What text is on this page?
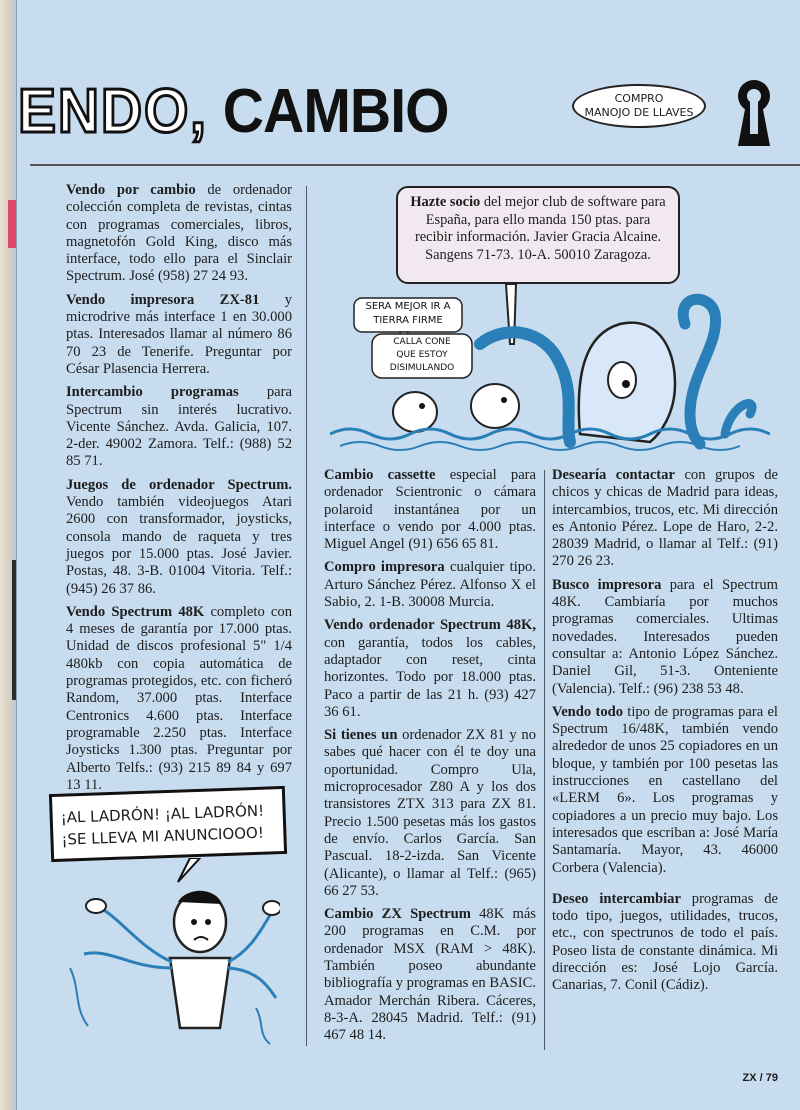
ENDO, CAMBIO	COMPRO
MANOJO DE LLAVES

Vendo por cambio de ordenador colección completa de revistas, cintas con programas comerciales, libros, magnetofón Gold King, disco más interface, todo ello para el Sinclair Spectrum. José (958) 27 24 93.

Vendo impresora ZX-81 y microdrive más interface 1 en 30.000 ptas. Interesados llamar al número 86 70 23 de Tenerife. Preguntar por César Plasencia Herrera.

Intercambio programas para Spectrum sin interés lucrativo. Vicente Sánchez. Avda. Galicia, 107. 2-der. 49002 Zamora. Telf.: (988) 52 85 71.

Juegos de ordenador Spectrum. Vendo también videojuegos Atari 2600 con transformador, joysticks, consola mando de raqueta y tres juegos por 15.000 ptas. José Javier. Postas, 48. 3-B. 01004 Vitoria. Telf.: (945) 26 37 86.

Vendo Spectrum 48K completo con 4 meses de garantía por 17.000 ptas. Unidad de discos profesional 5" 1/4 480kb con copia automática de programas protegidos, etc. con ficheró Random, 37.000 ptas. Interface Centronics 4.600 ptas. Interface programable 2.250 ptas. Interface Joysticks 1.300 ptas. Preguntar por Alberto Telfs.: (93) 215 89 84 y 697 13 11.

Hazte socio del mejor club de software para España, para ello manda 150 ptas. para recibir información. Javier Gracia Alcaine. Sangens 71-73. 10-A. 50010 Zaragoza.
SERA MEJOR IR A
TIERRA FIRME
CALLA CONE
QUE ESTOY
DISIMULANDO

Cambio cassette especial para ordenador Scientronic o cámara polaroid instantánea por un interface o vendo por 4.000 ptas. Miguel Angel (91) 656 65 81.

Compro impresora cualquier tipo. Arturo Sánchez Pérez. Alfonso X el Sabio, 2. 1-B. 30008 Murcia.

Vendo ordenador Spectrum 48K, con garantía, todos los cables, adaptador con reset, cinta horizontes. Todo por 18.000 ptas. Paco a partir de las 21 h. (93) 427 36 61.

Si tienes un ordenador ZX 81 y no sabes qué hacer con él te doy una oportunidad. Compro Ula, microprocesador Z80 A y los dos transistores ZTX 313 para ZX 81. Precio 1.500 pesetas más los gastos de envío. Carlos García. San Pascual. 18-2-izda. San Vicente (Alicante), o llamar al Telf.: (965) 66 27 53.

Cambio ZX Spectrum 48K más 200 programas en C.M. por ordenador MSX (RAM > 48K). También poseo abundante bibliografía y programas en BASIC. Amador Merchán Ribera. Cáceres, 8-3-A. 28045 Madrid. Telf.: (91) 467 48 14.

Desearía contactar con grupos de chicos y chicas de Madrid para ideas, intercambios, trucos, etc. Mi dirección es Antonio Pérez. Lope de Haro, 2-2. 28039 Madrid, o llamar al Telf.: (91) 270 26 23.

Busco impresora para el Spectrum 48K. Cambiaría por muchos programas comerciales. Ultimas novedades. Interesados pueden consultar a: Antonio López Sánchez. Daniel Gil, 51-3. Onteniente (Valencia). Telf.: (96) 238 53 48.

Vendo todo tipo de programas para el Spectrum 16/48K, también vendo alrededor de unos 25 copiadores en un bloque, y también por 100 pesetas las instrucciones en castellano del «LERM 6». Los programas y copiadores a un precio muy bajo. Los interesados que escriban a: José María Santamaría. Mayor, 43. 46000 Corbera (Valencia).

Deseo intercambiar programas de todo tipo, juegos, utilidades, trucos, etc., con spectrunos de todo el país. Poseo lista de constante dinámica. Mi dirección es: José Lojo García. Canarias, 7. Conil (Cádiz).

¡AL LADRÓN! ¡AL LADRÓN!
¡SE LLEVA MI ANUNCIOOO!
ZX / 79
